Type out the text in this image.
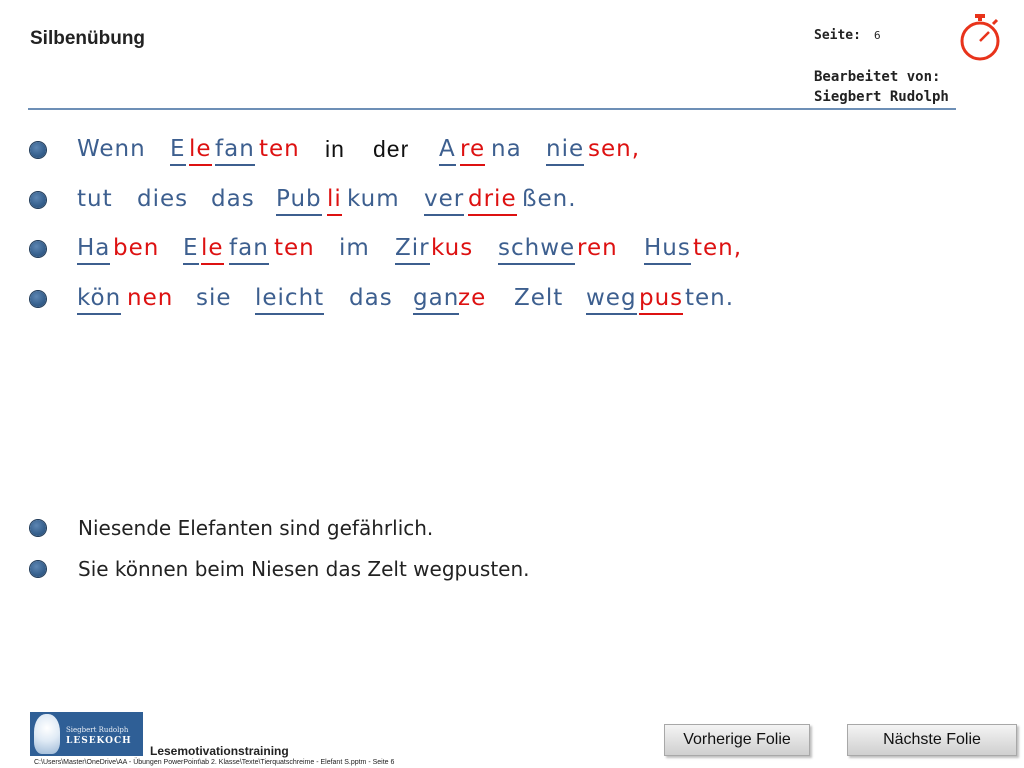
Silbenübung	Seite: 6
Bearbeitet von:
Siegbert Rudolph
Wenn E le fan ten in der A re na nie sen,
tut dies das Pub li kum ver drie ßen.
Ha ben E le fan ten im Zir kus schwe ren Hus ten,
kön nen sie leicht das gan
ze Zelt weg pus ten.
Niesende Elefanten sind gefährlich.
Sie können beim Niesen das Zelt wegpusten.
Siegbert Rudolph
LESEKOCH
Lesemotivationstraining
C:\Users\Master\OneDrive\AA - Übungen PowerPoint\ab 2. Klasse\Texte\Tierquatschreime - Elefant S.pptm - Seite 6
Vorherige Folie	Nächste Folie
